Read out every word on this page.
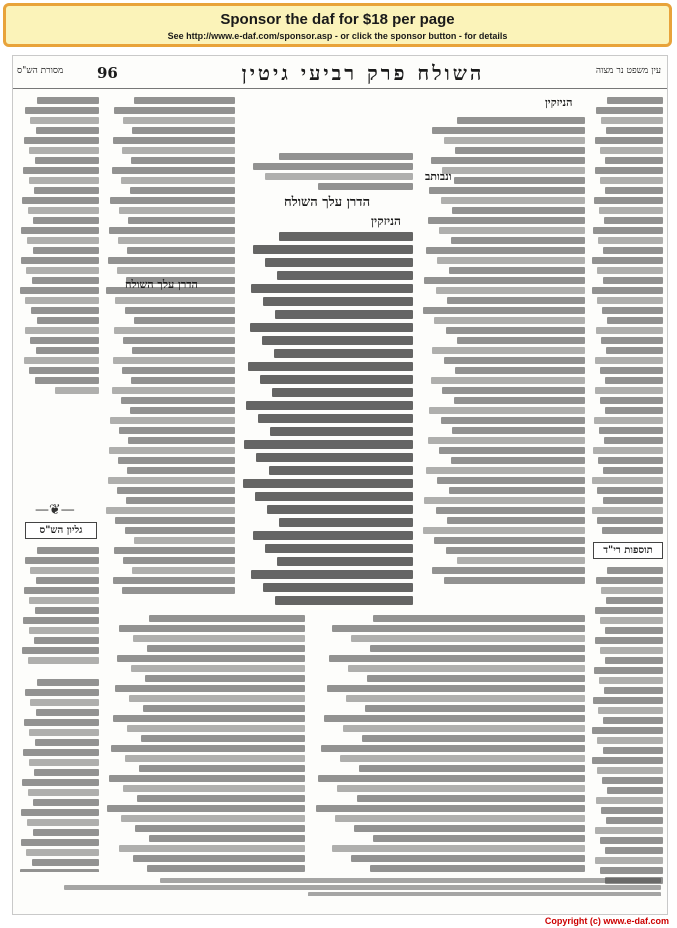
Sponsor the daf for $18 per page
See http://www.e-daf.com/sponsor.asp - or click the sponsor button - for details
מסורת הש"ס 96	השולח פרק רביעי גיטין	עין משפט נר מצוה
תוספות רי"ד
הניזקין
ונבותב
הדרן עלך השולח
הניזקין
הדרן עלך השולח
—❦—
גליון הש"ס
Copyright (c) www.e-daf.com
